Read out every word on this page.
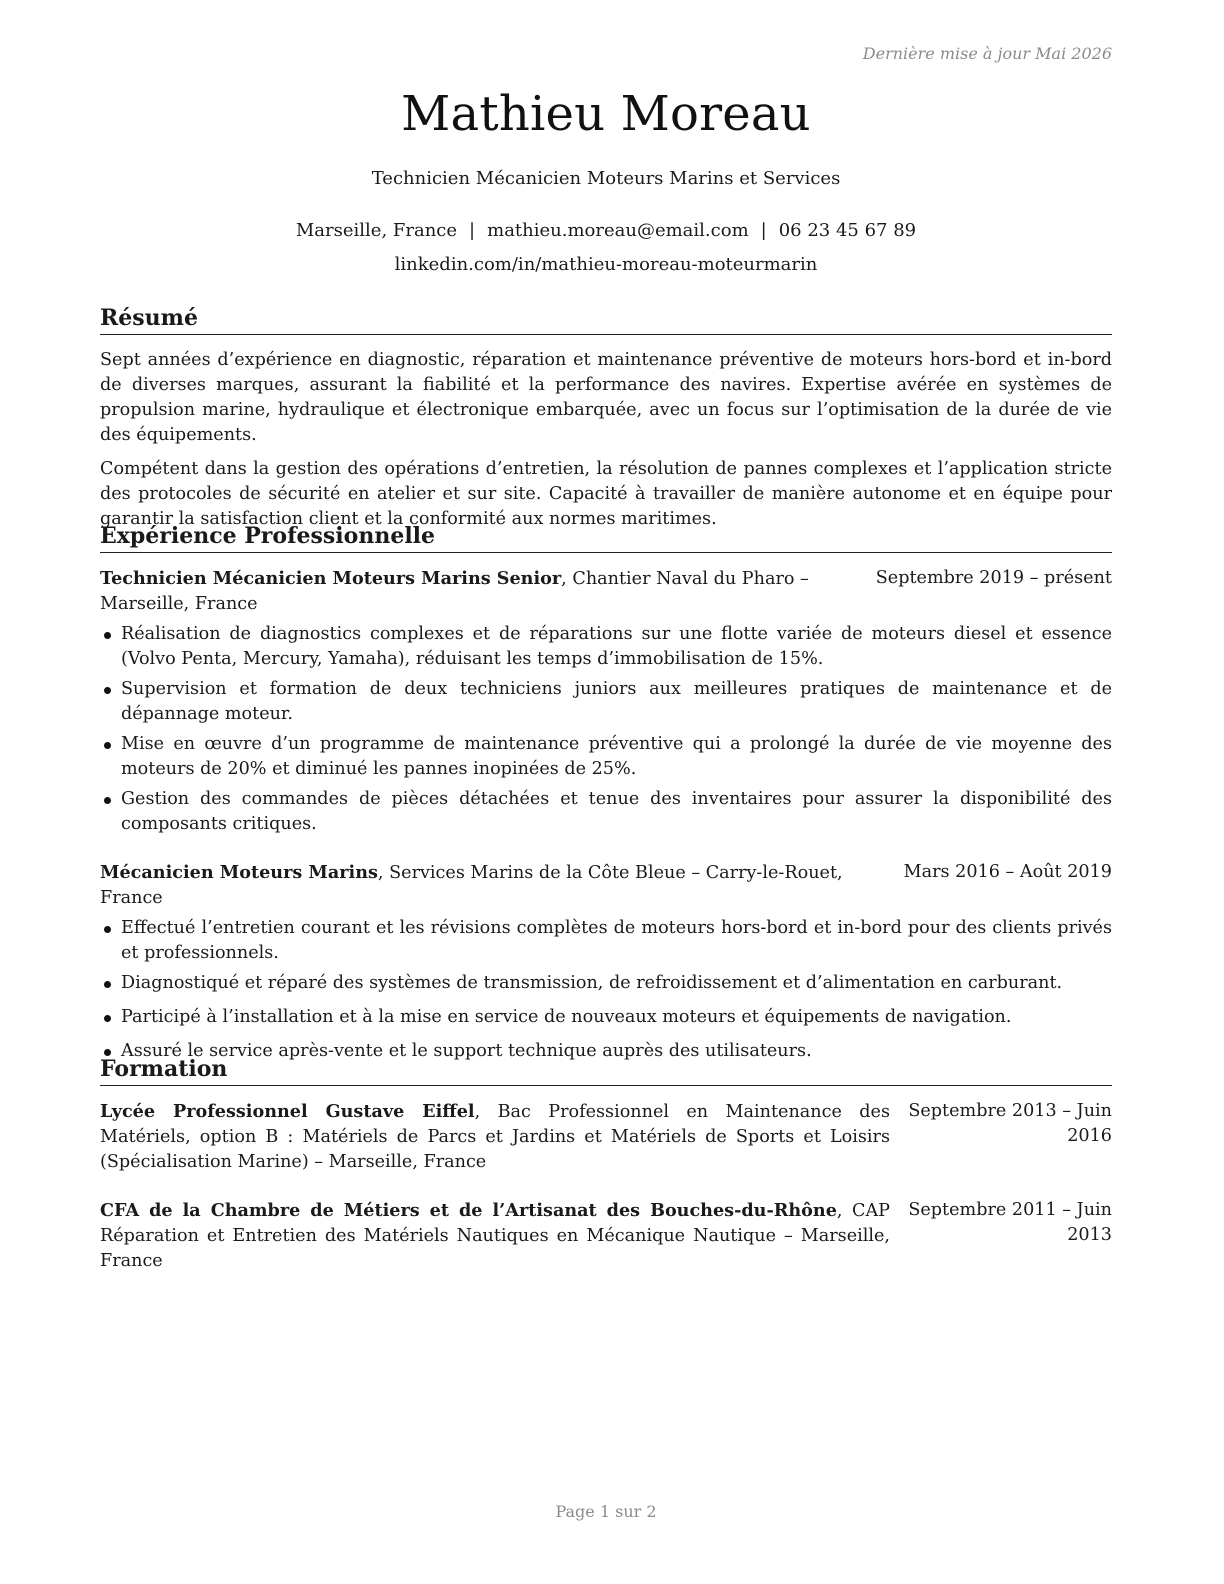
Dernière mise à jour Mai 2026
Mathieu Moreau
Technicien Mécanicien Moteurs Marins et Services
Marseille, France | mathieu.moreau@email.com | 06 23 45 67 89
linkedin.com/in/mathieu-moreau-moteurmarin
Résumé

Sept années d’expérience en diagnostic, réparation et maintenance préventive de moteurs hors-bord et in-bord de diverses marques, assurant la fiabilité et la performance des navires. Expertise avérée en systèmes de propulsion marine, hydraulique et électronique embarquée, avec un focus sur l’optimisation de la durée de vie des équipements.

Compétent dans la gestion des opérations d’entretien, la résolution de pannes complexes et l’application stricte des protocoles de sécurité en atelier et sur site. Capacité à travailler de manière autonome et en équipe pour garantir la satisfaction client et la conformité aux normes maritimes.

Expérience Professionnelle
Technicien Mécanicien Moteurs Marins Senior, Chantier Naval du Pharo – Marseille, France
Septembre 2019 – présent
Réalisation de diagnostics complexes et de réparations sur une flotte variée de moteurs diesel et essence (Volvo Penta, Mercury, Yamaha), réduisant les temps d’immobilisation de 15%.
Supervision et formation de deux techniciens juniors aux meilleures pratiques de maintenance et de dépannage moteur.
Mise en œuvre d’un programme de maintenance préventive qui a prolongé la durée de vie moyenne des moteurs de 20% et diminué les pannes inopinées de 25%.
Gestion des commandes de pièces détachées et tenue des inventaires pour assurer la disponibilité des composants critiques.
Mécanicien Moteurs Marins, Services Marins de la Côte Bleue – Carry-le-Rouet, France
Mars 2016 – Août 2019
Effectué l’entretien courant et les révisions complètes de moteurs hors-bord et in-bord pour des clients privés et professionnels.
Diagnostiqué et réparé des systèmes de transmission, de refroidissement et d’alimentation en carburant.
Participé à l’installation et à la mise en service de nouveaux moteurs et équipements de navigation.
Assuré le service après-vente et le support technique auprès des utilisateurs.
Formation
Lycée Professionnel Gustave Eiffel, Bac Professionnel en Maintenance des Matériels, option B : Matériels de Parcs et Jardins et Matériels de Sports et Loisirs (Spécialisation Marine) – Marseille, France
Septembre 2013 – Juin 2016
CFA de la Chambre de Métiers et de l’Artisanat des Bouches-du-Rhône, CAP Réparation et Entretien des Matériels Nautiques en Mécanique Nautique – Marseille, France
Septembre 2011 – Juin 2013
Page 1 sur 2
